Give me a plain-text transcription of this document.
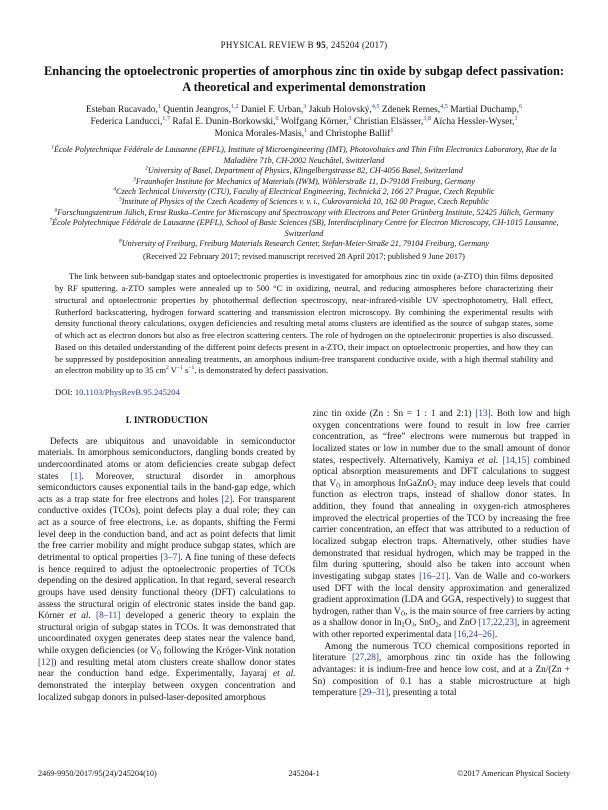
PHYSICAL REVIEW B 95, 245204 (2017)
Enhancing the optoelectronic properties of amorphous zinc tin oxide by subgap defect passivation:
A theoretical and experimental demonstration
Esteban Rucavado,$^1$ Quentin Jeangros,$^{1,2}$ Daniel F. Urban,$^3$ Jakub Holovský,$^{4,5}$ Zdenek Remes,$^{4,5}$ Martial Duchamp,$^6$
Federica Landucci,$^{1,7}$ Rafal E. Dunin-Borkowski,$^6$ Wolfgang Körner,$^3$ Christian Elsässer,$^{3,8}$ Aïcha Hessler-Wyser,$^1$
Monica Morales-Masis,$^1$ and Christophe Ballif$^1$
$^1$École Polytechnique Fédérale de Lausanne (EPFL), Institute of Microengineering (IMT), Photovoltaics and Thin Film Electronics Laboratory, Rue de la Maladière 71b, CH-2002 Neuchâtel, Switzerland
$^2$University of Basel, Department of Physics, Klingelbergstrasse 82, CH-4056 Basel, Switzerland
$^3$Fraunhofer Institute for Mechanics of Materials (IWM), Wöhlerstraße 11, D-79108 Freiburg, Germany
$^4$Czech Technical University (CTU), Faculty of Electrical Engineering, Technická 2, 166 27 Prague, Czech Republic
$^5$Institute of Physics of the Czech Academy of Sciences v. v. i., Cukrovarnická 10, 162 00 Prague, Czech Republic
$^6$Forschungszentrum Jülich, Ernst Ruska–Centre for Microscopy and Spectroscopy with Electrons and Peter Grünberg Institute, 52425 Jülich, Germany
$^7$École Polytechnique Fédérale de Lausanne (EPFL), School of Basic Sciences (SB), Interdisciplinary Centre for Electron Microscopy, CH-1015 Lausanne, Switzerland
$^8$University of Freiburg, Freiburg Materials Research Center, Stefan-Meier-Straße 21, 79104 Freiburg, Germany
(Received 22 February 2017; revised manuscript received 28 April 2017; published 9 June 2017)
The link between sub-bandgap states and optoelectronic properties is investigated for amorphous zinc tin oxide (a-ZTO) thin films deposited by RF sputtering. a-ZTO samples were annealed up to 500 °C in oxidizing, neutral, and reducing atmospheres before characterizing their structural and optoelectronic properties by photothermal deflection spectroscopy, near-infrared-visible UV spectrophotometry, Hall effect, Rutherford backscattering, hydrogen forward scattering and transmission electron microscopy. By combining the experimental results with density functional theory calculations, oxygen deficiencies and resulting metal atoms clusters are identified as the source of subgap states, some of which act as electron donors but also as free electron scattering centers. The role of hydrogen on the optoelectronic properties is also discussed. Based on this detailed understanding of the different point defects present in a-ZTO, their impact on optoelectronic properties, and how they can be suppressed by postdeposition annealing treatments, an amorphous indium-free transparent conductive oxide, with a high thermal stability and an electron mobility up to 35 $cm^2$ $V^{-1}$ $s^{-1}$, is demonstrated by defect passivation.
DOI: 10.1103/PhysRevB.95.245204
I. INTRODUCTION

Defects are ubiquitous and unavoidable in semiconductor materials. In amorphous semiconductors, dangling bonds created by undercoordinated atoms or atom deficiencies create subgap defect states [1]. Moreover, structural disorder in amorphous semiconductors causes exponential tails in the band-gap edge, which acts as a trap state for free electrons and holes [2]. For transparent conductive oxides (TCOs), point defects play a dual role; they can act as a source of free electrons, i.e. as dopants, shifting the Fermi level deep in the conduction band, and act as point defects that limit the free carrier mobility and might produce subgap states, which are detrimental to optical properties [3–7]. A fine tuning of these defects is hence required to adjust the optoelectronic properties of TCOs depending on the desired application. In that regard, several research groups have used density functional theory (DFT) calculations to assess the structural origin of electronic states inside the band gap. Körner et al. [8–11] developed a generic theory to explain the structural origin of subgap states in TCOs. It was demonstrated that uncoordinated oxygen generates deep states near the valence band, while oxygen deficiencies (or $V_Ö$ following the Kröger-Vink notation [12]) and resulting metal atom clusters create shallow donor states near the conduction band edge. Experimentally, Jayaraj et al. demonstrated the interplay between oxygen concentration and localized subgap donors in pulsed-laser-deposited amorphous

zinc tin oxide (Zn : Sn = 1 : 1 and 2:1) [13]. Both low and high oxygen concentrations were found to result in low free carrier concentration, as “free” electrons were numerous but trapped in localized states or low in number due to the small amount of donor states, respectively. Alternatively, Kamiya et al. [14,15] combined optical absorption measurements and DFT calculations to suggest that $V_Ö$ in amorphous InGaZnO$_2$ may induce deep levels that could function as electron traps, instead of shallow donor states. In addition, they found that annealing in oxygen-rich atmospheres improved the electrical properties of the TCO by increasing the free carrier concentration, an effect that was attributed to a reduction of localized subgap electron traps. Alternatively, other studies have demonstrated that residual hydrogen, which may be trapped in the film during sputtering, should also be taken into account when investigating subgap states [16–21]. Van de Walle and co-workers used DFT with the local density approximation and generalized gradient approximation (LDA and GGA, respectively) to suggest that hydrogen, rather than $V_Ö$, is the main source of free carriers by acting as a shallow donor in $In_2O_3$, SnO$_2$, and ZnO [17,22,23], in agreement with other reported experimental data [16,24–26].

Among the numerous TCO chemical compositions reported in literature [27,28], amorphous zinc tin oxide has the following advantages: it is indium-free and hence low cost, and at a Zn/(Zn + Sn) composition of 0.1 has a stable microstructure at high temperature [29–31], presenting a total

2469-9950/2017/95(24)/245204(10)	245204-1	©2017 American Physical Society
